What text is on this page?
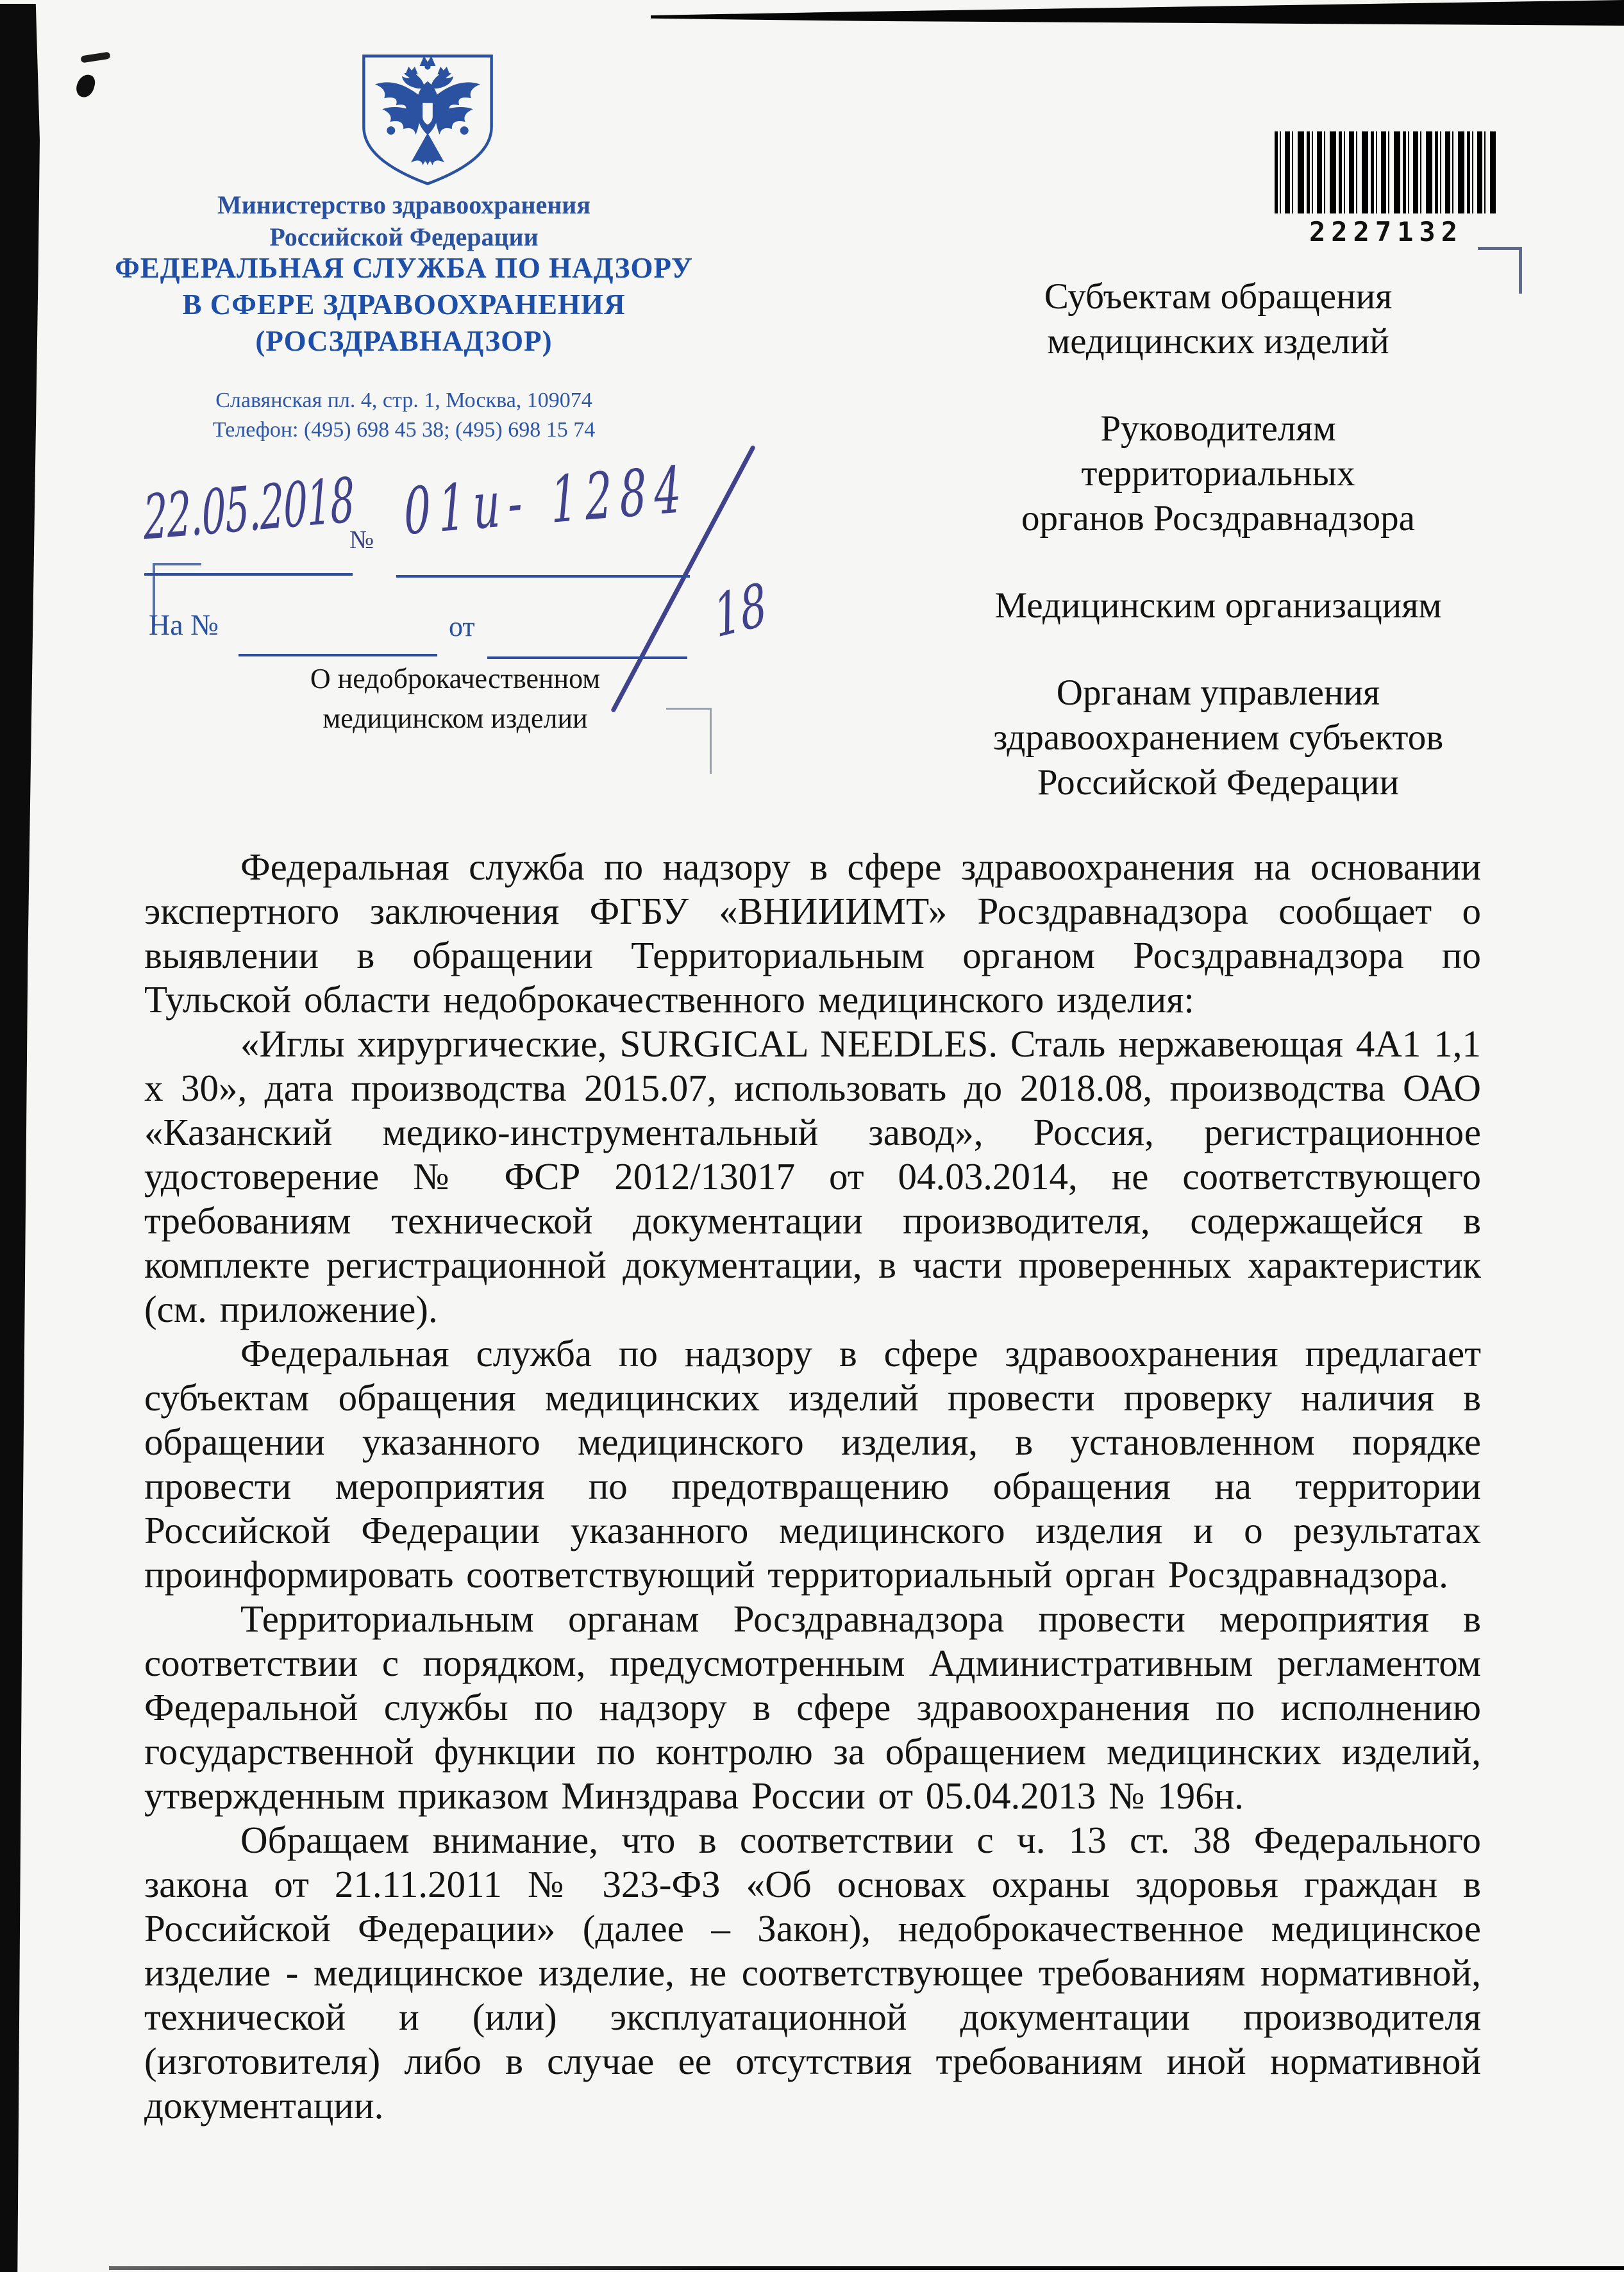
Министерство здравоохранения
Российской Федерации
ФЕДЕРАЛЬНАЯ СЛУЖБА ПО НАДЗОРУ
В СФЕРЕ ЗДРАВООХРАНЕНИЯ
(РОСЗДРАВНАДЗОР)
Славянская пл. 4, стр. 1, Москва, 109074
Телефон: (495) 698 45 38; (495) 698 15 74
2227132
22.05.2018
№ 01и- 1284
18
На №	от
О недоброкачественном
медицинском изделии
Субъектам обращения
медицинских изделий
Руководителям
территориальных
органов Росздравнадзора
Медицинским организациям
Органам управления
здравоохранением субъектов
Российской Федерации

Федеральная служба по надзору в сфере здравоохранения на основании экспертного заключения ФГБУ «ВНИИИМТ» Росздравнадзора сообщает о выявлении в обращении Территориальным органом Росздравнадзора по Тульской области недоброкачественного медицинского изделия:

«Иглы хирургические, SURGICAL NEEDLES. Сталь нержавеющая 4А1 1,1 х 30», дата производства 2015.07, использовать до 2018.08, производства ОАО «Казанский медико-инструментальный завод», Россия, регистрационное удостоверение № ФСР 2012/13017 от 04.03.2014, не соответствующего требованиям технической документации производителя, содержащейся в комплекте регистрационной документации, в части проверенных характеристик (см. приложение).

Федеральная служба по надзору в сфере здравоохранения предлагает субъектам обращения медицинских изделий провести проверку наличия в обращении указанного медицинского изделия, в установленном порядке провести мероприятия по предотвращению обращения на территории Российской Федерации указанного медицинского изделия и о результатах проинформировать соответствующий территориальный орган Росздравнадзора.

Территориальным органам Росздравнадзора провести мероприятия в соответствии с порядком, предусмотренным Административным регламентом Федеральной службы по надзору в сфере здравоохранения по исполнению государственной функции по контролю за обращением медицинских изделий, утвержденным приказом Минздрава России от 05.04.2013 № 196н.

Обращаем внимание, что в соответствии с ч. 13 ст. 38 Федерального закона от 21.11.2011 № 323-ФЗ «Об основах охраны здоровья граждан в Российской Федерации» (далее – Закон), недоброкачественное медицинское изделие - медицинское изделие, не соответствующее требованиям нормативной, технической и (или) эксплуатационной документации производителя (изготовителя) либо в случае ее отсутствия требованиям иной нормативной документации.
